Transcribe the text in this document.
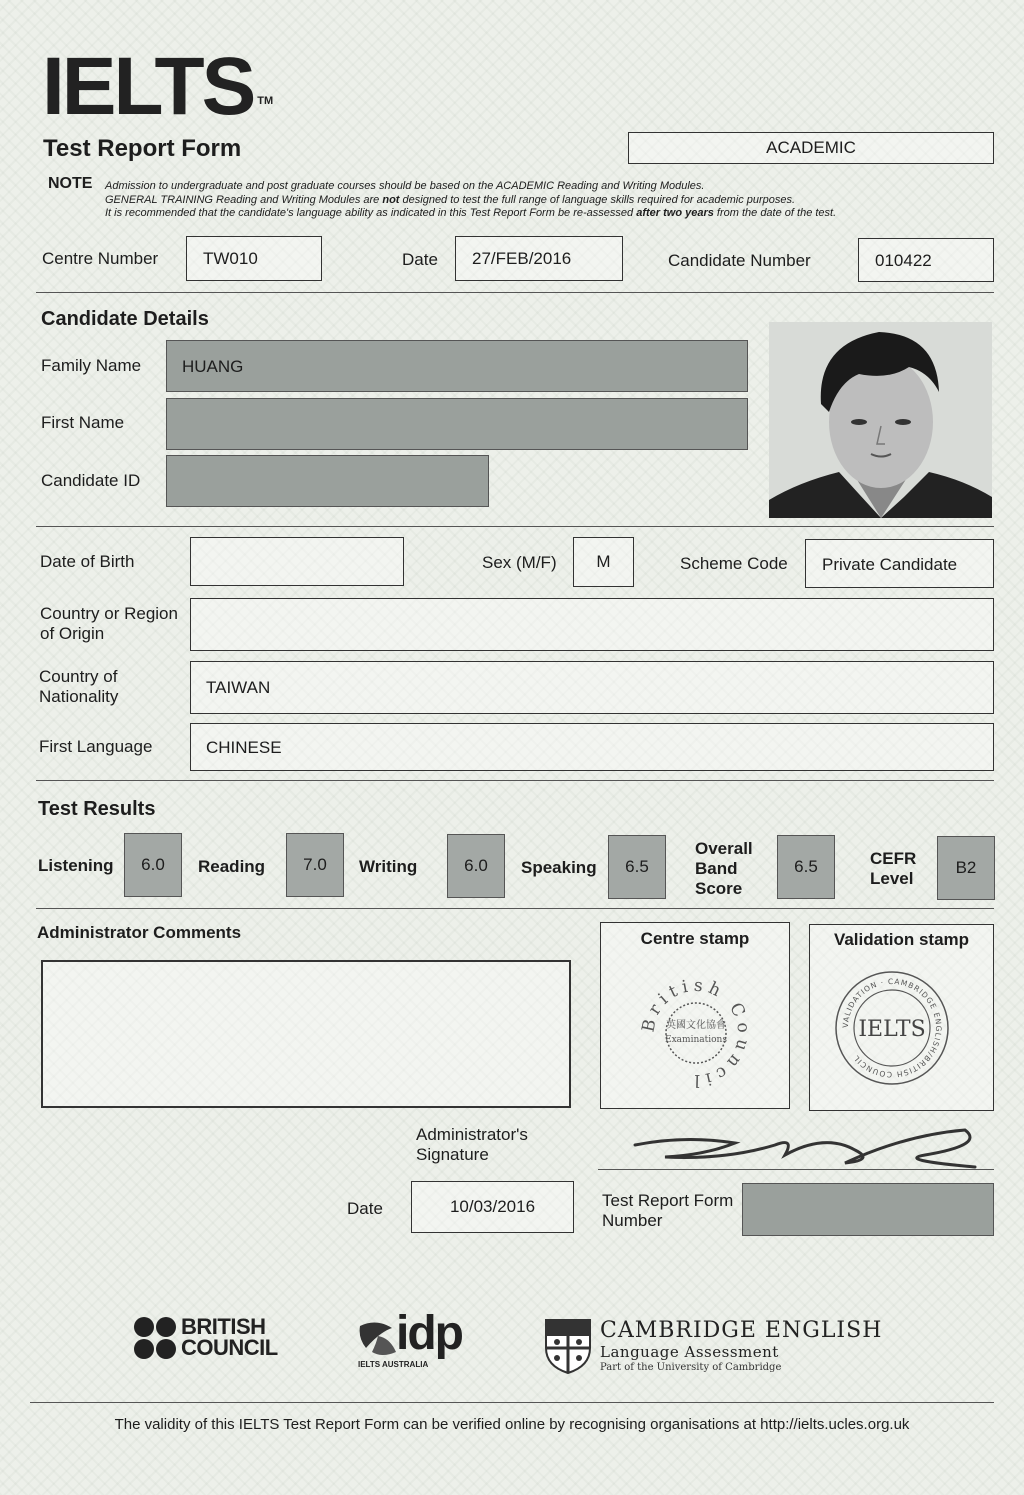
IELTS ™
Test Report Form	ACADEMIC
NOTE Admission to undergraduate and post graduate courses should be based on the ACADEMIC Reading and Writing Modules.
GENERAL TRAINING Reading and Writing Modules are not designed to test the full range of language skills required for academic purposes.
It is recommended that the candidate's language ability as indicated in this Test Report Form be re-assessed after two years from the date of the test.
Centre Number	TW010	Date 27/FEB/2016	Candidate Number	010422
Candidate Details
Family Name HUANG
First Name
Candidate ID
Date of Birth	Sex (M/F)	M	Scheme Code Private Candidate
Country or Region
of Origin
Country of
Nationality	TAIWAN
First Language	CHINESE
Test Results
Listening	6.0	Reading	7.0	Writing	6.0	Speaking	6.5
Overall
Band
Score
6.5	CEFR
Level
B2
Administrator Comments	Centre stamp
British Council
英國文化協會
Examinations
Validation stamp
VALIDATION · CAMBRIDGE ENGLISH/BRITISH COUNCIL
IELTS
Administrator's
Signature
Date	10/03/2016	Test Report Form
Number
BRITISH
COUNCIL idp
IELTS AUSTRALIA
CAMBRIDGE ENGLISH
Language Assessment
Part of the University of Cambridge
The validity of this IELTS Test Report Form can be verified online by recognising organisations at http://ielts.ucles.org.uk
